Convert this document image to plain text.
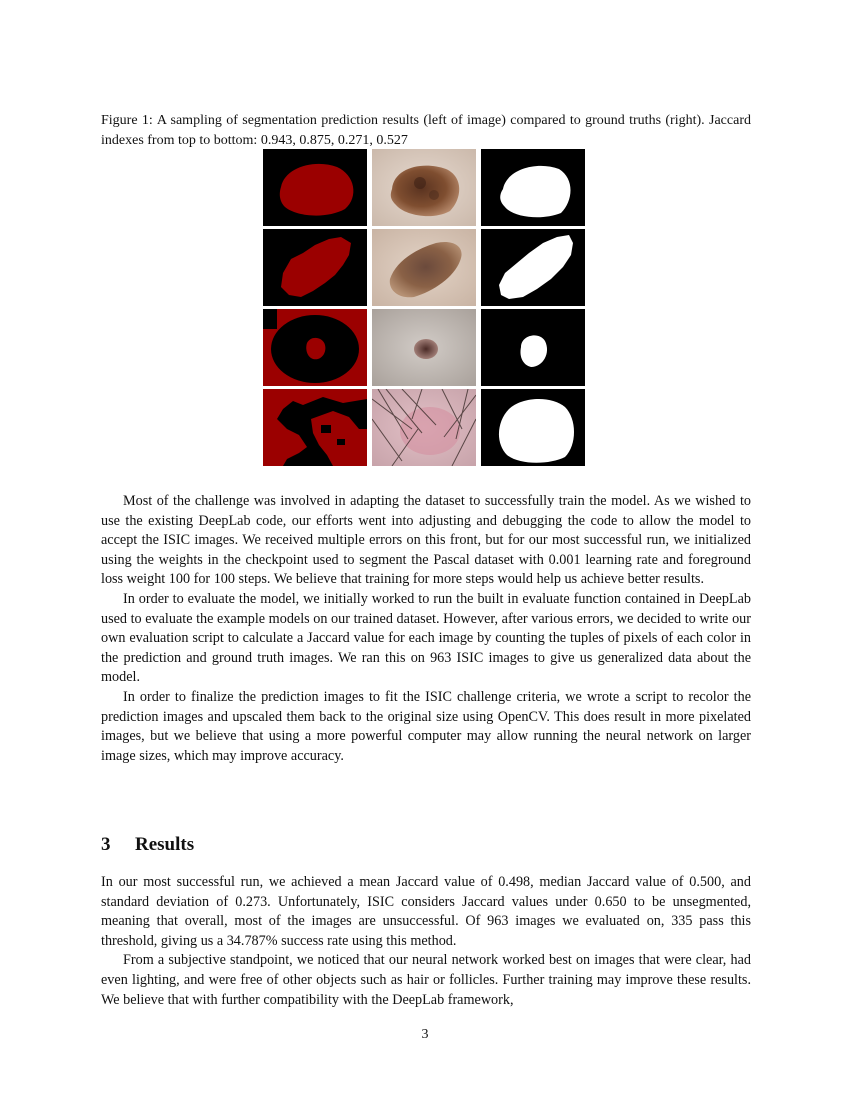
Figure 1: A sampling of segmentation prediction results (left of image) compared to ground truths (right). Jaccard indexes from top to bottom: 0.943, 0.875, 0.271, 0.527

Most of the challenge was involved in adapting the dataset to successfully train the model. As we wished to use the existing DeepLab code, our efforts went into adjusting and debugging the code to allow the model to accept the ISIC images. We received multiple errors on this front, but for our most successful run, we initialized using the weights in the checkpoint used to segment the Pascal dataset with 0.001 learning rate and foreground loss weight 100 for 100 steps. We believe that training for more steps would help us achieve better results.

In order to evaluate the model, we initially worked to run the built in evaluate function contained in DeepLab used to evaluate the example models on our trained dataset. However, after various errors, we decided to write our own evaluation script to calculate a Jaccard value for each image by counting the tuples of pixels of each color in the prediction and ground truth images. We ran this on 963 ISIC images to give us generalized data about the model.

In order to finalize the prediction images to fit the ISIC challenge criteria, we wrote a script to recolor the prediction images and upscaled them back to the original size using OpenCV. This does result in more pixelated images, but we believe that using a more powerful computer may allow running the neural network on larger image sizes, which may improve accuracy.

3 Results

In our most successful run, we achieved a mean Jaccard value of 0.498, median Jaccard value of 0.500, and standard deviation of 0.273. Unfortunately, ISIC considers Jaccard values under 0.650 to be unsegmented, meaning that overall, most of the images are unsuccessful. Of 963 images we evaluated on, 335 pass this threshold, giving us a 34.787% success rate using this method.

From a subjective standpoint, we noticed that our neural network worked best on images that were clear, had even lighting, and were free of other objects such as hair or follicles. Further training may improve these results. We believe that with further compatibility with the DeepLab framework,

3
